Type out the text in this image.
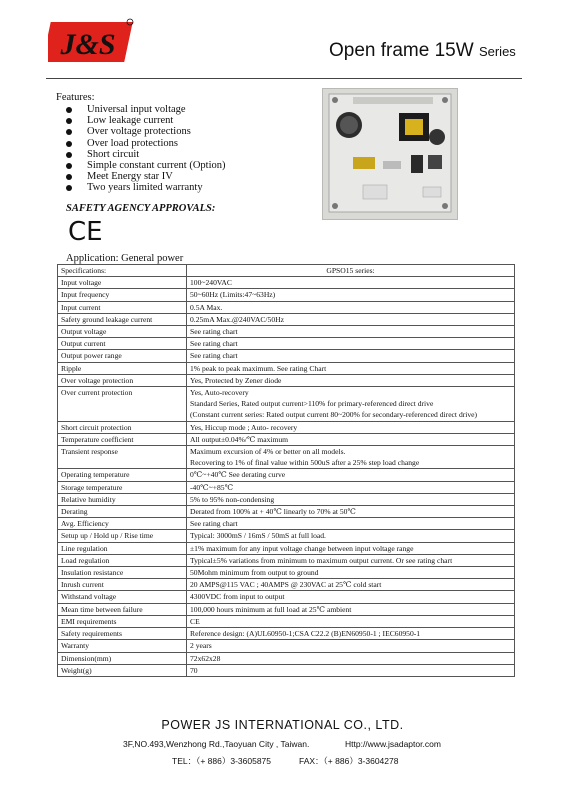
J&S	Open frame 15W Series
Features:
Universal input voltage
Low leakage current
Over voltage protections
Over load protections
Short circuit
Simple constant current (Option)
Meet Energy star IV
Two years limited warranty
SAFETY AGENCY APPROVALS:
CE
Application: General power
Specifications:	GPSO15 series:
Input voltage	100~240VAC

Input frequency	50~60Hz (Limits:47~63Hz)

Input current	0.5A Max.

Safety ground leakage current	0.25mA Max.@240VAC/50Hz

Output voltage	See rating chart

Output current	See rating chart

Output power range	See rating chart

Ripple	1% peak to peak maximum. See rating Chart

Over voltage protection	Yes, Protected by Zener diode

Over current protection	Yes, Auto-recovery
Standard Series, Rated output current>110% for primary-referenced direct drive
(Constant current series: Rated output current 80~200% for secondary-referenced direct drive)

Short circuit protection	Yes, Hiccup mode ; Auto- recovery

Temperature coefficient	All output±0.04%/℃ maximum

Transient response	Maximum excursion of 4% or better on all models.
Recovering to 1% of final value within 500uS after a 25% step load change

Operating temperature	0℃~+40℃ See derating curve

Storage temperature	-40℃~+85℃

Relative humidity	5% to 95% non-condensing

Derating	Derated from 100% at + 40℃ linearly to 70% at 50℃

Avg. Efficiency	See rating chart

Setup up / Hold up / Rise time	Typical: 3000mS / 16mS / 50mS at full load.

Line regulation	±1% maximum for any input voltage change between input voltage range

Load regulation	Typical±5% variations from minimum to maximum output current. Or see rating chart

Insulation resistance	50Mohm minimum from output to ground

Inrush current	20 AMPS@115 VAC ; 40AMPS @ 230VAC at 25℃ cold start

Withstand voltage	4300VDC from input to output

Mean time between failure	100,000 hours minimum at full load at 25℃ ambient

EMI requirements	CE

Safety requirements	Reference design: (A)UL60950-1;CSA C22.2 (B)EN60950-1 ; IEC60950-1

Warranty	2 years

Dimension(mm)	72x62x28

Weight(g)	70
POWER JS INTERNATIONAL CO., LTD.
3F,NO.493,Wenzhong Rd.,Taoyuan City , Taiwan.	Http://www.jsadaptor.com
TEL：（+ 886）3-3605875	FAX：（+ 886）3-3604278
